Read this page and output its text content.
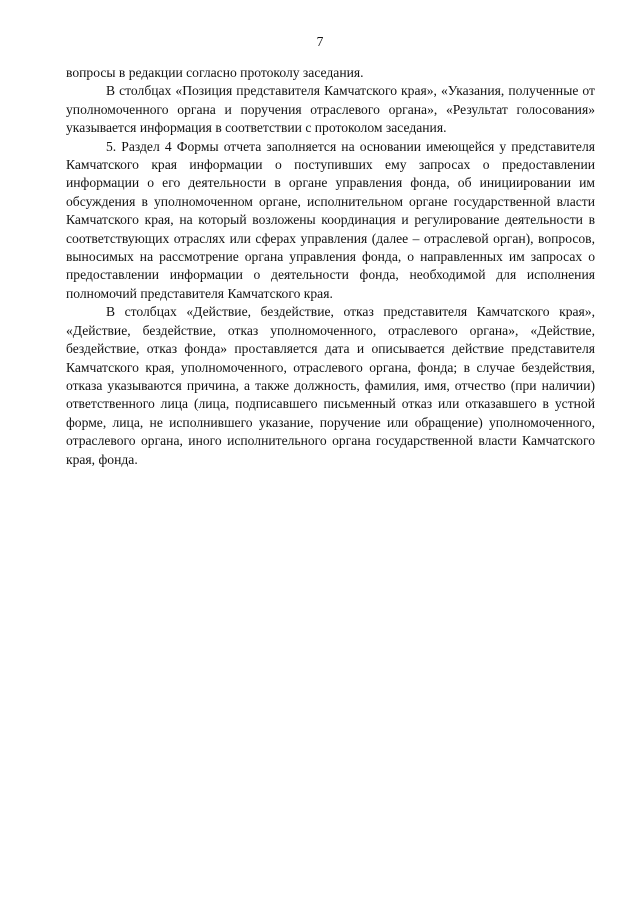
7

вопросы в редакции согласно протоколу заседания.

В столбцах «Позиция представителя Камчатского края», «Указания, полученные от уполномоченного органа и поручения отраслевого органа», «Результат голосования» указывается информация в соответствии с протоколом заседания.

5. Раздел 4 Формы отчета заполняется на основании имеющейся у представителя Камчатского края информации о поступивших ему запросах о предоставлении информации о его деятельности в органе управления фонда, об инициировании им обсуждения в уполномоченном органе, исполнительном органе государственной власти Камчатского края, на который возложены координация и регулирование деятельности в соответствующих отраслях или сферах управления (далее – отраслевой орган), вопросов, выносимых на рассмотрение органа управления фонда, о направленных им запросах о предоставлении информации о деятельности фонда, необходимой для исполнения полномочий представителя Камчатского края.

В столбцах «Действие, бездействие, отказ представителя Камчатского края», «Действие, бездействие, отказ уполномоченного, отраслевого органа», «Действие, бездействие, отказ фонда» проставляется дата и описывается действие представителя Камчатского края, уполномоченного, отраслевого органа, фонда; в случае бездействия, отказа указываются причина, а также должность, фамилия, имя, отчество (при наличии) ответственного лица (лица, подписавшего письменный отказ или отказавшего в устной форме, лица, не исполнившего указание, поручение или обращение) уполномоченного, отраслевого органа, иного исполнительного органа государственной власти Камчатского края, фонда.
